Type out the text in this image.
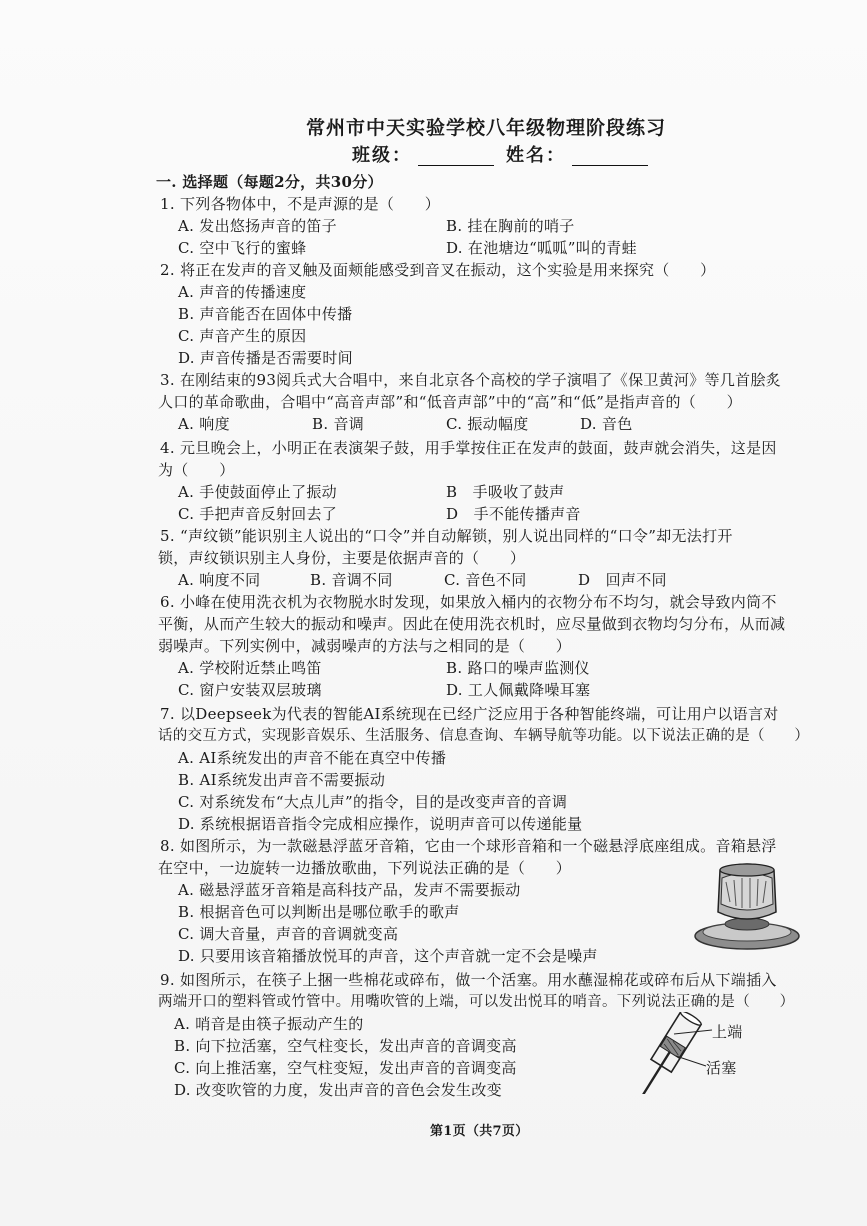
常州市中天实验学校八年级物理阶段练习
班级：	姓名：
一. 选择题（每题2分，共30分）
1. 下列各物体中，不是声源的是（　　）
A. 发出悠扬声音的笛子	B. 挂在胸前的哨子
C. 空中飞行的蜜蜂	D. 在池塘边“呱呱”叫的青蛙
2. 将正在发声的音叉触及面颊能感受到音叉在振动，这个实验是用来探究（　　）
A. 声音的传播速度
B. 声音能否在固体中传播
C. 声音产生的原因
D. 声音传播是否需要时间
3. 在刚结束的93阅兵式大合唱中，来自北京各个高校的学子演唱了《保卫黄河》等几首脍炙
人口的革命歌曲，合唱中“高音声部”和“低音声部”中的“高”和“低”是指声音的（　　）
A. 响度	B. 音调	C. 振动幅度	D. 音色
4. 元旦晚会上，小明正在表演架子鼓，用手掌按住正在发声的鼓面，鼓声就会消失，这是因
为（　　）
A. 手使鼓面停止了振动	B　手吸收了鼓声
C. 手把声音反射回去了	D　手不能传播声音
5. “声纹锁”能识别主人说出的“口令”并自动解锁，别人说出同样的“口令”却无法打开
锁，声纹锁识别主人身份，主要是依据声音的（　　）
A. 响度不同	B. 音调不同	C. 音色不同	D　回声不同
6. 小峰在使用洗衣机为衣物脱水时发现，如果放入桶内的衣物分布不均匀，就会导致内筒不
平衡，从而产生较大的振动和噪声。因此在使用洗衣机时，应尽量做到衣物均匀分布，从而减
弱噪声。下列实例中，减弱噪声的方法与之相同的是（　　）
A. 学校附近禁止鸣笛	B. 路口的噪声监测仪
C. 窗户安装双层玻璃	D. 工人佩戴降噪耳塞
7. 以Deepseek为代表的智能AI系统现在已经广泛应用于各种智能终端，可让用户以语言对
话的交互方式，实现影音娱乐、生活服务、信息查询、车辆导航等功能。以下说法正确的是（　　）
A. AI系统发出的声音不能在真空中传播
B. AI系统发出声音不需要振动
C. 对系统发布“大点儿声”的指令，目的是改变声音的音调
D. 系统根据语音指令完成相应操作，说明声音可以传递能量
8. 如图所示，为一款磁悬浮蓝牙音箱，它由一个球形音箱和一个磁悬浮底座组成。音箱悬浮
在空中，一边旋转一边播放歌曲，下列说法正确的是（　　）
A. 磁悬浮蓝牙音箱是高科技产品，发声不需要振动
B. 根据音色可以判断出是哪位歌手的歌声
C. 调大音量，声音的音调就变高
D. 只要用该音箱播放悦耳的声音，这个声音就一定不会是噪声
9. 如图所示，在筷子上捆一些棉花或碎布，做一个活塞。用水蘸湿棉花或碎布后从下端插入
两端开口的塑料管或竹管中。用嘴吹管的上端，可以发出悦耳的哨音。下列说法正确的是（　　）
A. 哨音是由筷子振动产生的
B. 向下拉活塞，空气柱变长，发出声音的音调变高
C. 向上推活塞，空气柱变短，发出声音的音调变高
D. 改变吹管的力度，发出声音的音色会发生改变
上端
活塞
第1页（共7页）
